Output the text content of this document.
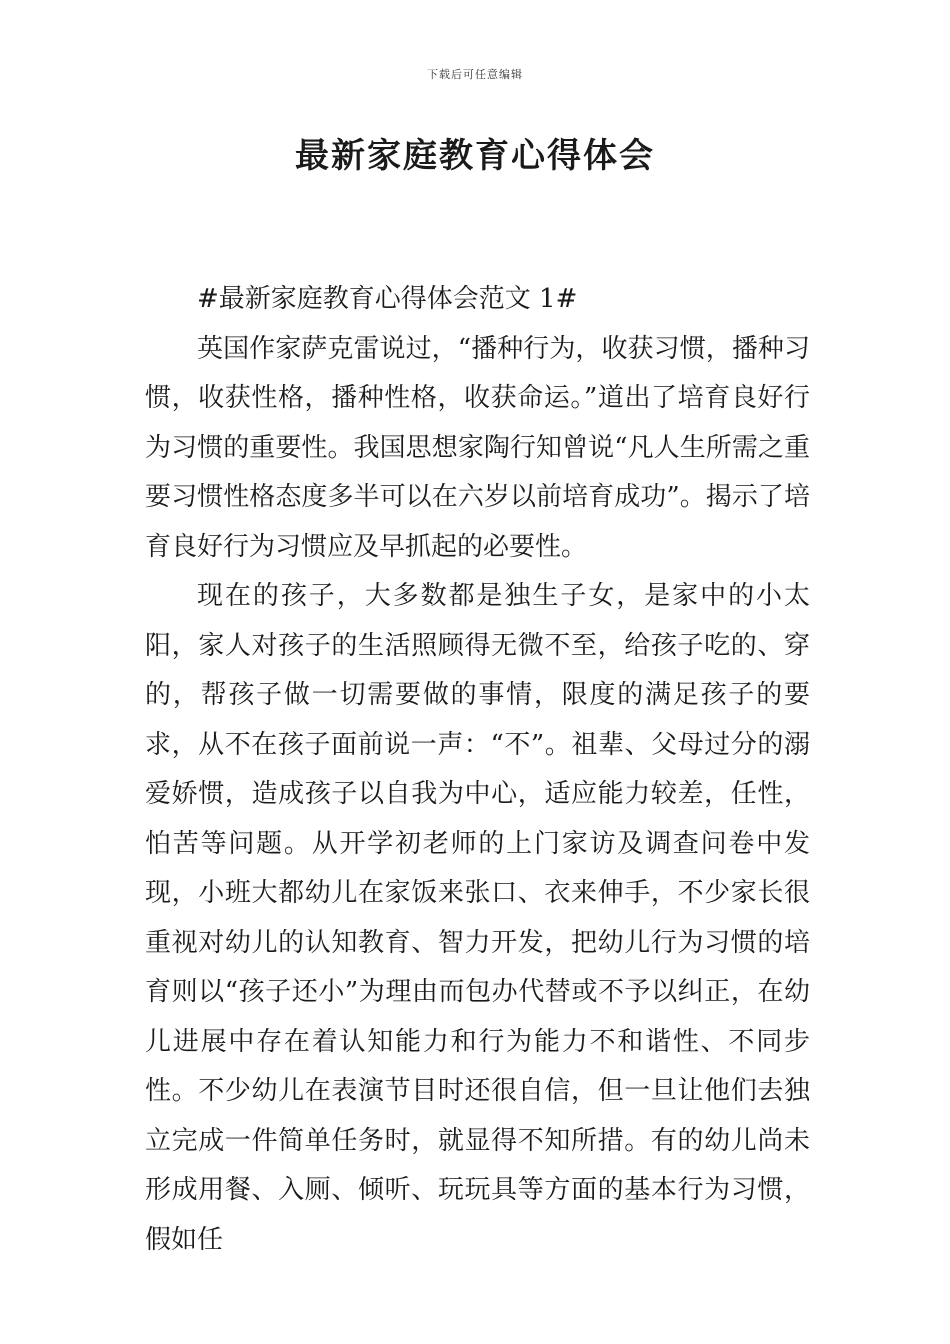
下载后可任意编辑
最新家庭教育心得体会

#最新家庭教育心得体会范文 1#

英国作家萨克雷说过，“播种行为，收获习惯，播种习惯，收获性格，播种性格，收获命运。”道出了培育良好行为习惯的重要性。我国思想家陶行知曾说“凡人生所需之重要习惯性格态度多半可以在六岁以前培育成功”。揭示了培育良好行为习惯应及早抓起的必要性。

现在的孩子，大多数都是独生子女，是家中的小太阳，家人对孩子的生活照顾得无微不至，给孩子吃的、穿的，帮孩子做一切需要做的事情，限度的满足孩子的要求，从不在孩子面前说一声：“不”。祖辈、父母过分的溺爱娇惯，造成孩子以自我为中心，适应能力较差，任性，怕苦等问题。从开学初老师的上门家访及调查问卷中发现，小班大都幼儿在家饭来张口、衣来伸手，不少家长很重视对幼儿的认知教育、智力开发，把幼儿行为习惯的培育则以“孩子还小”为理由而包办代替或不予以纠正，在幼儿进展中存在着认知能力和行为能力不和谐性、不同步性。不少幼儿在表演节目时还很自信，但一旦让他们去独立完成一件简单任务时，就显得不知所措。有的幼儿尚未形成用餐、入厕、倾听、玩玩具等方面的基本行为习惯，假如任
